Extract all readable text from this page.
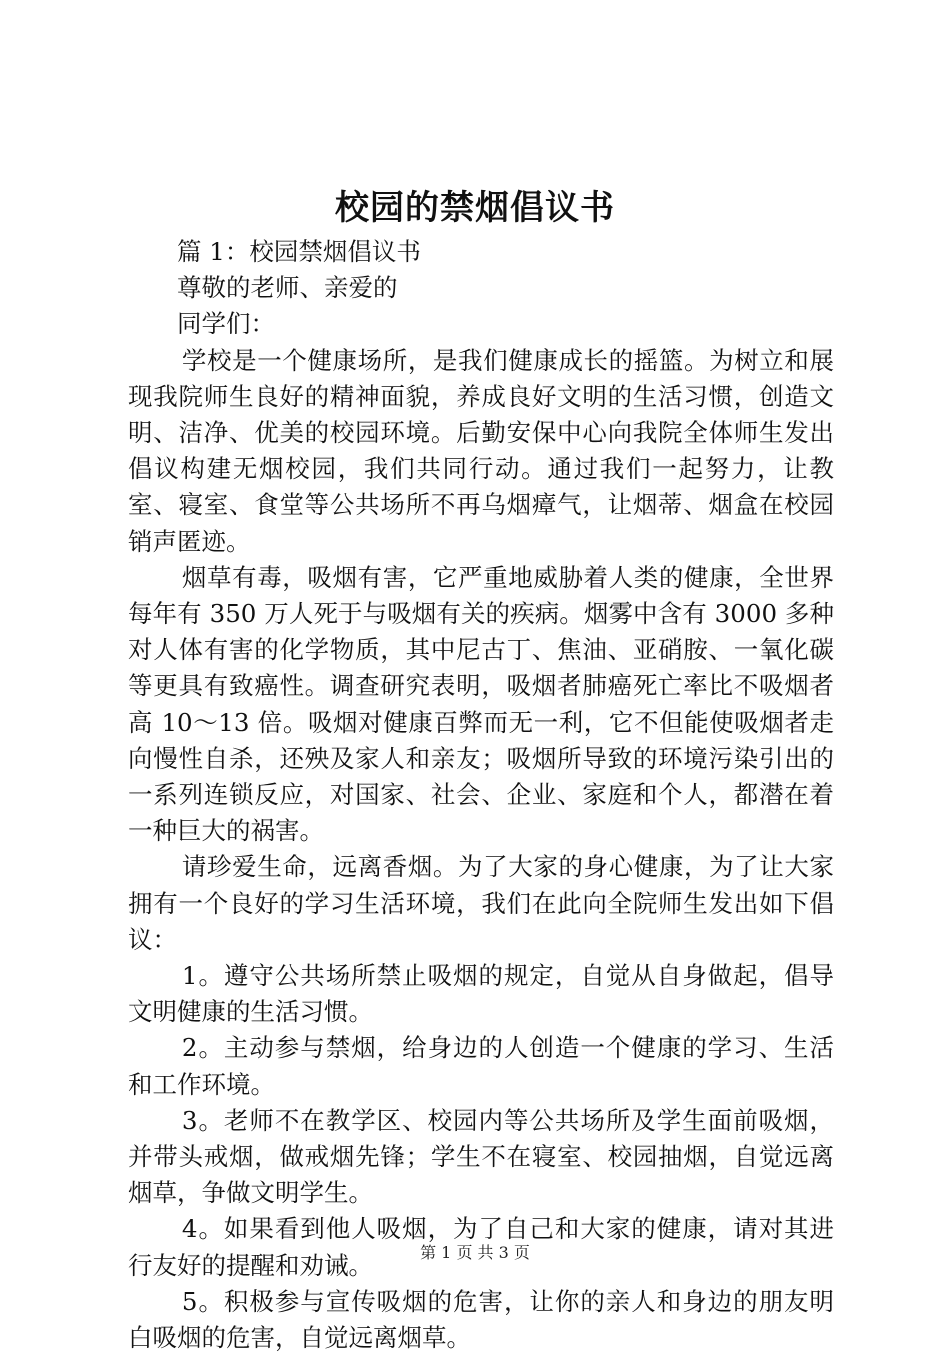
校园的禁烟倡议书
篇 1：校园禁烟倡议书
尊敬的老师、亲爱的
同学们：

学校是一个健康场所，是我们健康成长的摇篮。为树立和展现我院师生良好的精神面貌，养成良好文明的生活习惯，创造文明、洁净、优美的校园环境。后勤安保中心向我院全体师生发出倡议构建无烟校园，我们共同行动。通过我们一起努力，让教室、寝室、食堂等公共场所不再乌烟瘴气，让烟蒂、烟盒在校园销声匿迹。

烟草有毒，吸烟有害，它严重地威胁着人类的健康，全世界每年有 350 万人死于与吸烟有关的疾病。烟雾中含有 3000 多种对人体有害的化学物质，其中尼古丁、焦油、亚硝胺、一氧化碳等更具有致癌性。调查研究表明，吸烟者肺癌死亡率比不吸烟者高 10～13 倍。吸烟对健康百弊而无一利，它不但能使吸烟者走向慢性自杀，还殃及家人和亲友；吸烟所导致的环境污染引出的一系列连锁反应，对国家、社会、企业、家庭和个人，都潜在着一种巨大的祸害。

请珍爱生命，远离香烟。为了大家的身心健康，为了让大家拥有一个良好的学习生活环境，我们在此向全院师生发出如下倡议：

1。遵守公共场所禁止吸烟的规定，自觉从自身做起，倡导文明健康的生活习惯。

2。主动参与禁烟，给身边的人创造一个健康的学习、生活和工作环境。

3。老师不在教学区、校园内等公共场所及学生面前吸烟，并带头戒烟，做戒烟先锋；学生不在寝室、校园抽烟，自觉远离烟草，争做文明学生。

4。如果看到他人吸烟，为了自己和大家的健康，请对其进行友好的提醒和劝诫。

5。积极参与宣传吸烟的危害，让你的亲人和身边的朋友明白吸烟的危害，自觉远离烟草。

第 1 页 共 3 页
